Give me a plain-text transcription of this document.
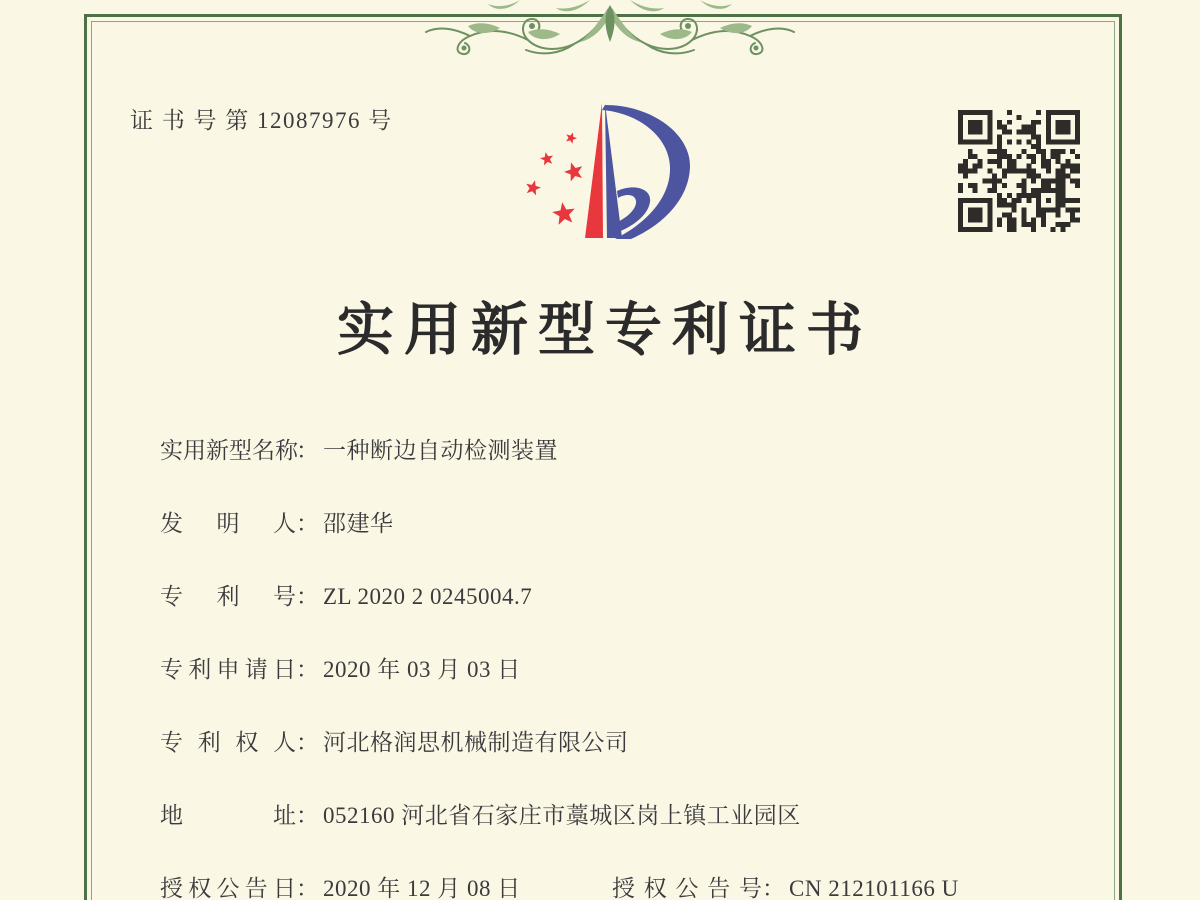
证 书 号 第 12087976 号
实用新型专利证书
实用新型名称： 一种断边自动检测装置
发明人： 邵建华
专利号： ZL 2020 2 0245004.7
专利申请日： 2020 年 03 月 03 日
专利权人： 河北格润思机械制造有限公司
地址： 052160 河北省石家庄市藁城区岗上镇工业园区
授权公告日： 2020 年 12 月 08 日	授权公告号： CN 212101166 U
